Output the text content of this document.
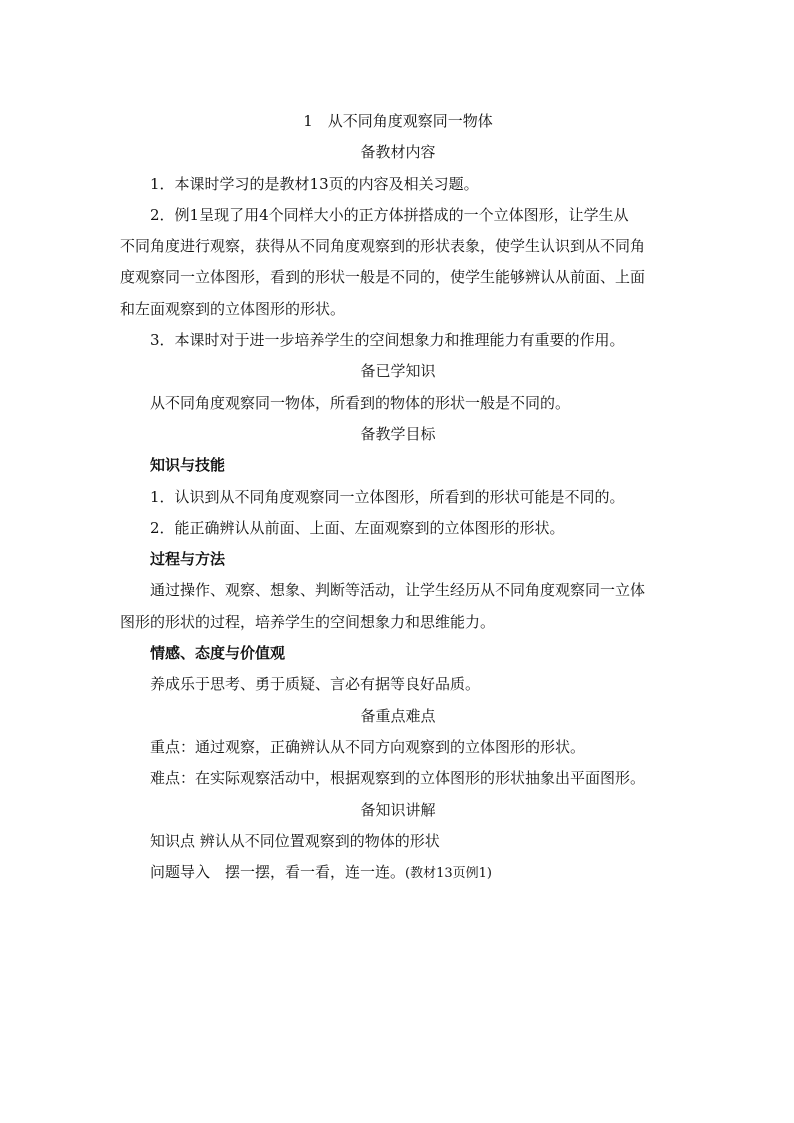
1　从不同角度观察同一物体
备教材内容
1．本课时学习的是教材13页的内容及相关习题。
2．例1呈现了用4个同样大小的正方体拼搭成的一个立体图形，让学生从
不同角度进行观察，获得从不同角度观察到的形状表象，使学生认识到从不同角
度观察同一立体图形，看到的形状一般是不同的，使学生能够辨认从前面、上面
和左面观察到的立体图形的形状。
3．本课时对于进一步培养学生的空间想象力和推理能力有重要的作用。
备已学知识
从不同角度观察同一物体，所看到的物体的形状一般是不同的。
备教学目标
知识与技能
1．认识到从不同角度观察同一立体图形，所看到的形状可能是不同的。
2．能正确辨认从前面、上面、左面观察到的立体图形的形状。
过程与方法
通过操作、观察、想象、判断等活动，让学生经历从不同角度观察同一立体
图形的形状的过程，培养学生的空间想象力和思维能力。
情感、态度与价值观
养成乐于思考、勇于质疑、言必有据等良好品质。
备重点难点
重点：通过观察，正确辨认从不同方向观察到的立体图形的形状。
难点：在实际观察活动中，根据观察到的立体图形的形状抽象出平面图形。
备知识讲解
知识点 辨认从不同位置观察到的物体的形状
问题导入　摆一摆，看一看，连一连。(教材13页例1)
